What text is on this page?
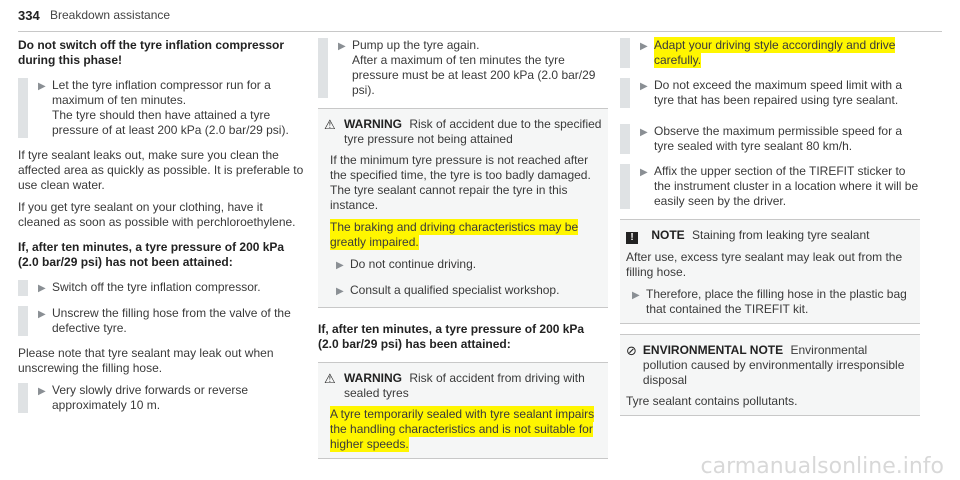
334 Breakdown assistance
Do not switch off the tyre inflation compressor during this phase!
▶ Let the tyre inflation compressor run for a maximum of ten minutes.
The tyre should then have attained a tyre pressure of at least 200 kPa (2.0 bar/29 psi).

If tyre sealant leaks out, make sure you clean the affected area as quickly as possible. It is preferable to use clean water.

If you get tyre sealant on your clothing, have it cleaned as soon as possible with perchloroethylene.

If, after ten minutes, a tyre pressure of 200 kPa (2.0 bar/29 psi) has not been attained:
▶ Switch off the tyre inflation compressor.
▶ Unscrew the filling hose from the valve of the defective tyre.

Please note that tyre sealant may leak out when unscrewing the filling hose.

▶ Very slowly drive forwards or reverse approximately 10 m.
▶ Pump up the tyre again.
After a maximum of ten minutes the tyre pressure must be at least 200 kPa (2.0 bar/29 psi).
⚠ WARNING Risk of accident due to the specified tyre pressure not being attained

If the minimum tyre pressure is not reached after the specified time, the tyre is too badly damaged. The tyre sealant cannot repair the tyre in this instance.

The braking and driving characteristics may be greatly impaired.

▶ Do not continue driving.
▶ Consult a qualified specialist workshop.
If, after ten minutes, a tyre pressure of 200 kPa (2.0 bar/29 psi) has been attained:
⚠ WARNING Risk of accident from driving with sealed tyres

A tyre temporarily sealed with tyre sealant impairs the handling characteristics and is not suitable for higher speeds.

▶ Adapt your driving style accordingly and drive carefully.
▶ Do not exceed the maximum speed limit with a tyre that has been repaired using tyre sealant.
▶ Observe the maximum permissible speed for a tyre sealed with tyre sealant 80 km/h.
▶ Affix the upper section of the TIREFIT sticker to the instrument cluster in a location where it will be easily seen by the driver.
! NOTE Staining from leaking tyre sealant

After use, excess tyre sealant may leak out from the filling hose.

▶ Therefore, place the filling hose in the plastic bag that contained the TIREFIT kit.
⊘ ENVIRONMENTAL NOTE Environmental pollution caused by environmentally irresponsible disposal

Tyre sealant contains pollutants.

carmanualsonline.info
